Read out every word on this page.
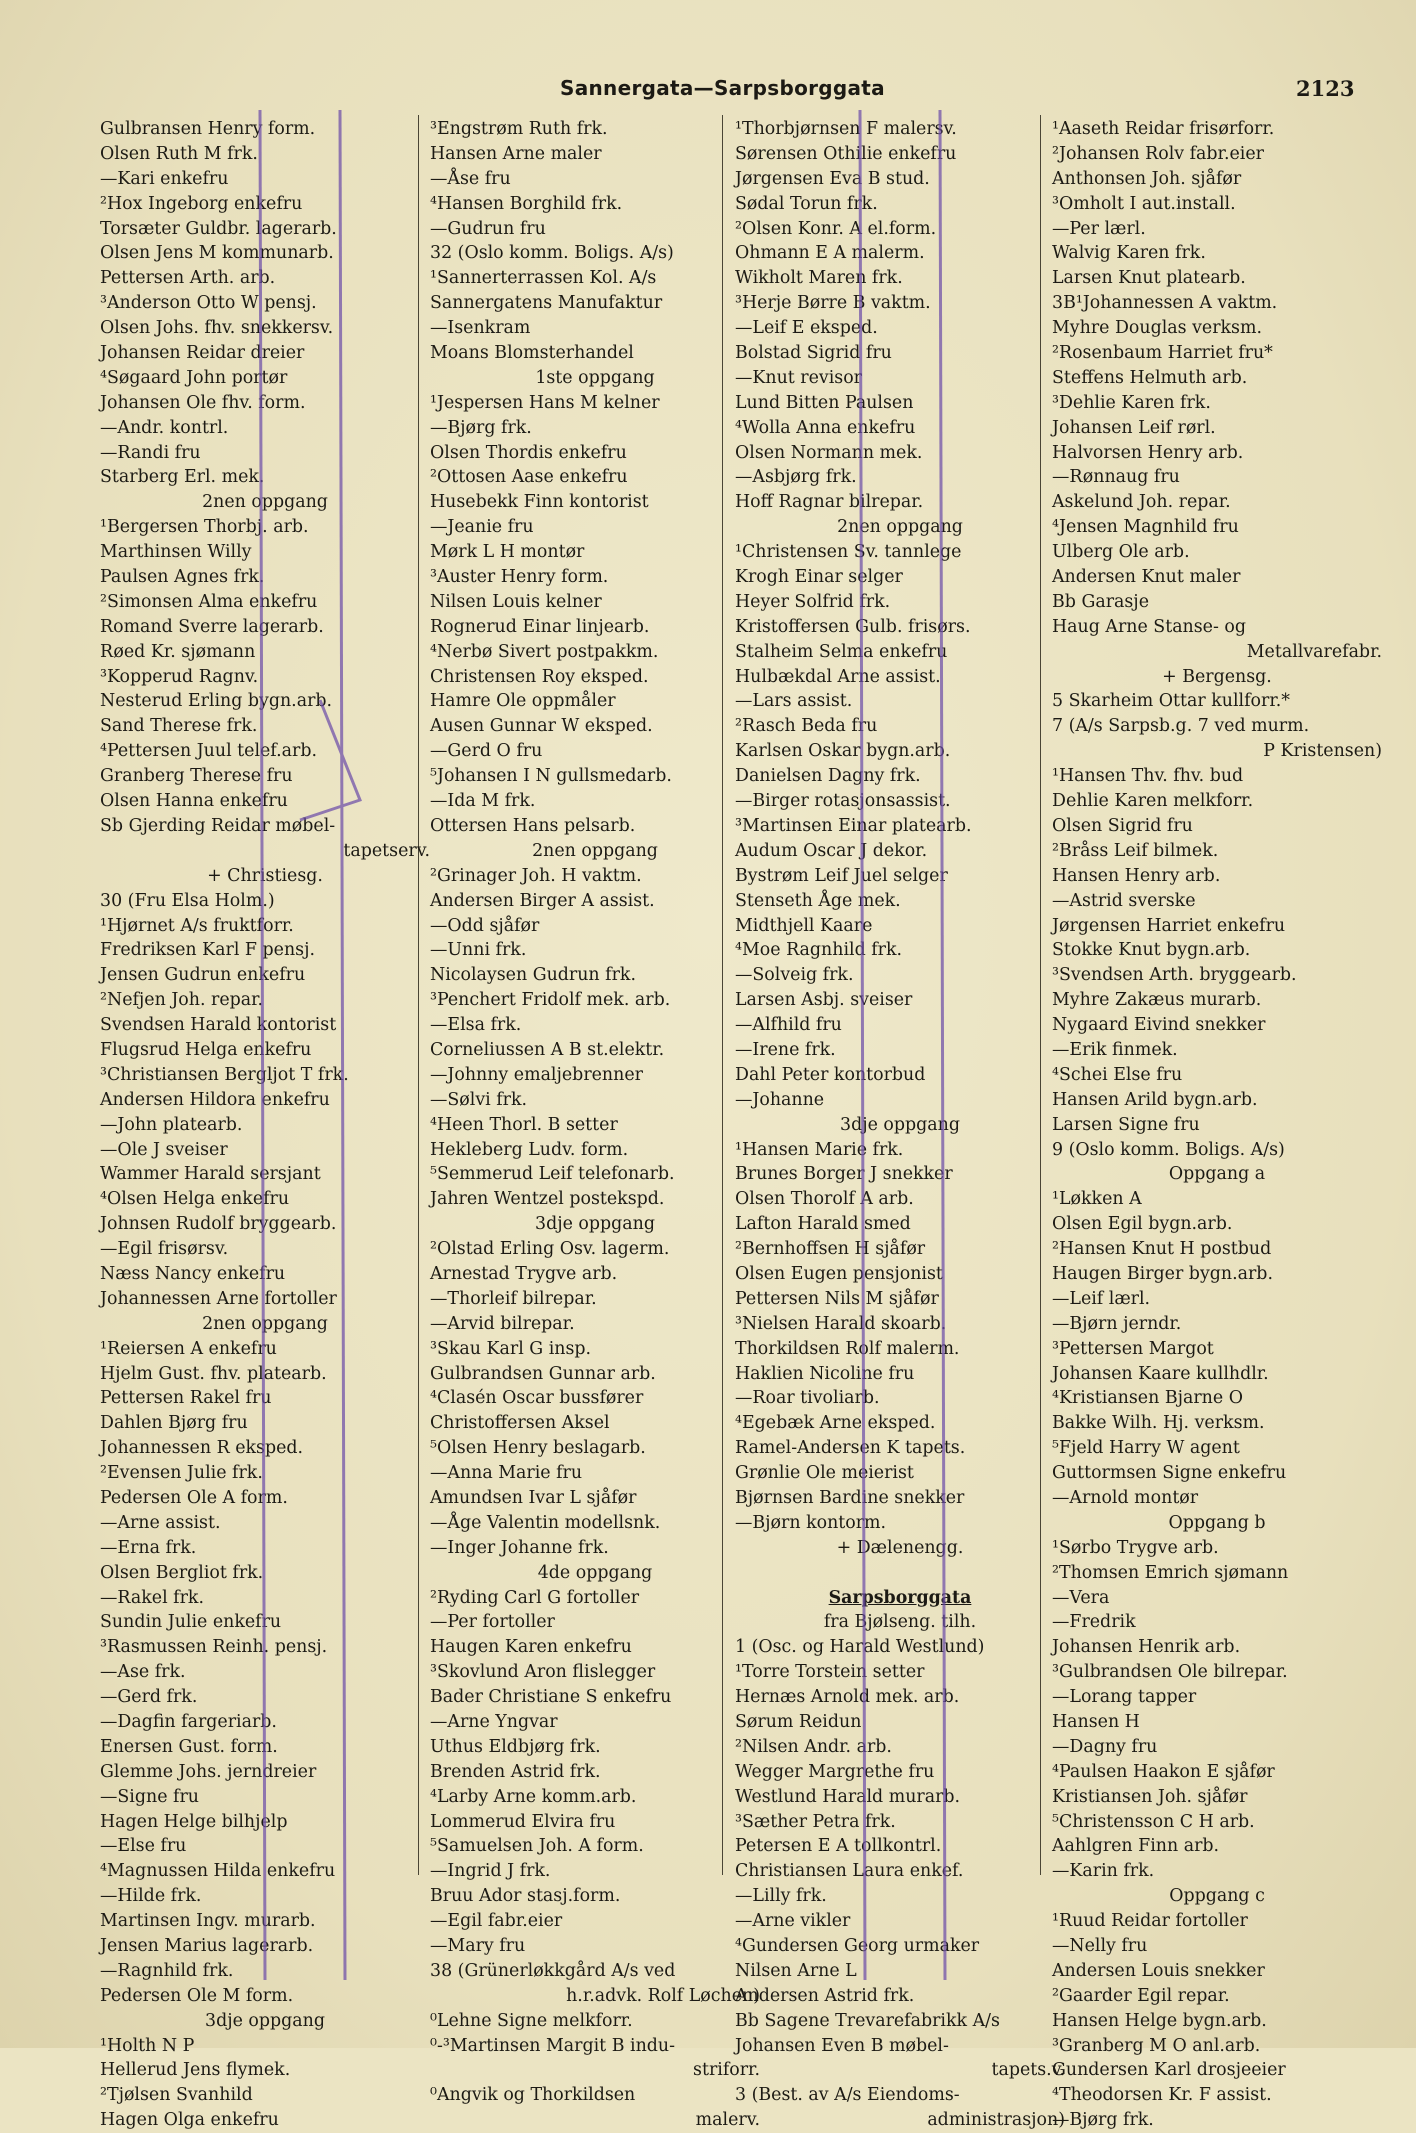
Sannergata—Sarpsborggata	2123
Gulbransen Henry form.
Olsen Ruth M frk.
—Kari enkefru
²Hox Ingeborg enkefru
Torsæter Guldbr. lagerarb.
Olsen Jens M kommunarb.
Pettersen Arth. arb.
³Anderson Otto W pensj.
Olsen Johs. fhv. snekkersv.
Johansen Reidar dreier
⁴Søgaard John portør
Johansen Ole fhv. form.
—Andr. kontrl.
—Randi fru
Starberg Erl. mek.
2nen oppgang
¹Bergersen Thorbj. arb.
Marthinsen Willy
Paulsen Agnes frk.
²Simonsen Alma enkefru
Romand Sverre lagerarb.
Røed Kr. sjømann
³Kopperud Ragnv.
Nesterud Erling bygn.arb.
Sand Therese frk.
⁴Pettersen Juul telef.arb.
Granberg Therese fru
Olsen Hanna enkefru
Sb Gjerding Reidar møbel-
tapetserv.
+ Christiesg.
30 (Fru Elsa Holm.)
¹Hjørnet A/s fruktforr.
Fredriksen Karl F pensj.
Jensen Gudrun enkefru
²Nefjen Joh. repar.
Svendsen Harald kontorist
Flugsrud Helga enkefru
³Christiansen Bergljot T frk.
Andersen Hildora enkefru
—John platearb.
—Ole J sveiser
Wammer Harald sersjant
⁴Olsen Helga enkefru
Johnsen Rudolf bryggearb.
—Egil frisørsv.
Næss Nancy enkefru
Johannessen Arne fortoller
2nen oppgang
¹Reiersen A enkefru
Hjelm Gust. fhv. platearb.
Pettersen Rakel fru
Dahlen Bjørg fru
Johannessen R eksped.
²Evensen Julie frk.
Pedersen Ole A form.
—Arne assist.
—Erna frk.
Olsen Bergliot frk.
—Rakel frk.
Sundin Julie enkefru
³Rasmussen Reinh. pensj.
—Ase frk.
—Gerd frk.
—Dagfin fargeriarb.
Enersen Gust. form.
Glemme Johs. jerndreier
—Signe fru
Hagen Helge bilhjelp
—Else fru
⁴Magnussen Hilda enkefru
—Hilde frk.
Martinsen Ingv. murarb.
Jensen Marius lagerarb.
—Ragnhild frk.
Pedersen Ole M form.
3dje oppgang
¹Holth N P
Hellerud Jens flymek.
²Tjølsen Svanhild
Hagen Olga enkefru
³Engstrøm Ruth frk.
Hansen Arne maler
—Åse fru
⁴Hansen Borghild frk.
—Gudrun fru
32 (Oslo komm. Boligs. A/s)
¹Sannerterrassen Kol. A/s
Sannergatens Manufaktur
—Isenkram
Moans Blomsterhandel
1ste oppgang
¹Jespersen Hans M kelner
—Bjørg frk.
Olsen Thordis enkefru
²Ottosen Aase enkefru
Husebekk Finn kontorist
—Jeanie fru
Mørk L H montør
³Auster Henry form.
Nilsen Louis kelner
Rognerud Einar linjearb.
⁴Nerbø Sivert postpakkm.
Christensen Roy eksped.
Hamre Ole oppmåler
Ausen Gunnar W eksped.
—Gerd O fru
⁵Johansen I N gullsmedarb.
—Ida M frk.
Ottersen Hans pelsarb.
2nen oppgang
²Grinager Joh. H vaktm.
Andersen Birger A assist.
—Odd sjåfør
—Unni frk.
Nicolaysen Gudrun frk.
³Penchert Fridolf mek. arb.
—Elsa frk.
Corneliussen A B st.elektr.
—Johnny emaljebrenner
—Sølvi frk.
⁴Heen Thorl. B setter
Hekleberg Ludv. form.
⁵Semmerud Leif telefonarb.
Jahren Wentzel postekspd.
3dje oppgang
²Olstad Erling Osv. lagerm.
Arnestad Trygve arb.
—Thorleif bilrepar.
—Arvid bilrepar.
³Skau Karl G insp.
Gulbrandsen Gunnar arb.
⁴Clasén Oscar bussfører
Christoffersen Aksel
⁵Olsen Henry beslagarb.
—Anna Marie fru
Amundsen Ivar L sjåfør
—Åge Valentin modellsnk.
—Inger Johanne frk.
4de oppgang
²Ryding Carl G fortoller
—Per fortoller
Haugen Karen enkefru
³Skovlund Aron flislegger
Bader Christiane S enkefru
—Arne Yngvar
Uthus Eldbjørg frk.
Brenden Astrid frk.
⁴Larby Arne komm.arb.
Lommerud Elvira fru
⁵Samuelsen Joh. A form.
—Ingrid J frk.
Bruu Ador stasj.form.
—Egil fabr.eier
—Mary fru
38 (Grünerløkkgård A/s ved
h.r.advk. Rolf Løchen)
⁰Lehne Signe melkforr.
⁰-³Martinsen Margit B indu-
striforr.
⁰Angvik og Thorkildsen
malerv.
¹Thorbjørnsen F malersv.
Sørensen Othilie enkefru
Jørgensen Eva B stud.
Sødal Torun frk.
²Olsen Konr. A el.form.
Ohmann E A malerm.
Wikholt Maren frk.
³Herje Børre B vaktm.
—Leif E eksped.
Bolstad Sigrid fru
—Knut revisor
Lund Bitten Paulsen
⁴Wolla Anna enkefru
Olsen Normann mek.
—Asbjørg frk.
Hoff Ragnar bilrepar.
2nen oppgang
¹Christensen Sv. tannlege
Krogh Einar selger
Heyer Solfrid frk.
Kristoffersen Gulb. frisørs.
Stalheim Selma enkefru
Hulbækdal Arne assist.
—Lars assist.
²Rasch Beda fru
Karlsen Oskar bygn.arb.
Danielsen Dagny frk.
—Birger rotasjonsassist.
³Martinsen Einar platearb.
Audum Oscar J dekor.
Bystrøm Leif Juel selger
Stenseth Åge mek.
Midthjell Kaare
⁴Moe Ragnhild frk.
—Solveig frk.
Larsen Asbj. sveiser
—Alfhild fru
—Irene frk.
Dahl Peter kontorbud
—Johanne
3dje oppgang
¹Hansen Marie frk.
Brunes Borger J snekker
Olsen Thorolf A arb.
Lafton Harald smed
²Bernhoffsen H sjåfør
Olsen Eugen pensjonist
Pettersen Nils M sjåfør
³Nielsen Harald skoarb.
Thorkildsen Rolf malerm.
Haklien Nicoline fru
—Roar tivoliarb.
⁴Egebæk Arne eksped.
Ramel-Andersen K tapets.
Grønlie Ole meierist
Bjørnsen Bardine snekker
—Bjørn kontorm.
+ Dælenengg.
Sarpsborggata
fra Bjølseng. tilh.
1 (Osc. og Harald Westlund)
¹Torre Torstein setter
Hernæs Arnold mek. arb.
Sørum Reidun
²Nilsen Andr. arb.
Wegger Margrethe fru
Westlund Harald murarb.
³Sæther Petra frk.
Petersen E A tollkontrl.
Christiansen Laura enkef.
—Lilly frk.
—Arne vikler
⁴Gundersen Georg urmaker
Nilsen Arne L
Andersen Astrid frk.
Bb Sagene Trevarefabrikk A/s
Johansen Even B møbel-
tapets.v.
3 (Best. av A/s Eiendoms-
administrasjon)
¹Aaseth Reidar frisørforr.
²Johansen Rolv fabr.eier
Anthonsen Joh. sjåfør
³Omholt I aut.install.
—Per lærl.
Walvig Karen frk.
Larsen Knut platearb.
3B¹Johannessen A vaktm.
Myhre Douglas verksm.
²Rosenbaum Harriet fru*
Steffens Helmuth arb.
³Dehlie Karen frk.
Johansen Leif rørl.
Halvorsen Henry arb.
—Rønnaug fru
Askelund Joh. repar.
⁴Jensen Magnhild fru
Ulberg Ole arb.
Andersen Knut maler
Bb Garasje
Haug Arne Stanse- og
Metallvarefabr.
+ Bergensg.
5 Skarheim Ottar kullforr.*
7 (A/s Sarpsb.g. 7 ved murm.
P Kristensen)
¹Hansen Thv. fhv. bud
Dehlie Karen melkforr.
Olsen Sigrid fru
²Bråss Leif bilmek.
Hansen Henry arb.
—Astrid sverske
Jørgensen Harriet enkefru
Stokke Knut bygn.arb.
³Svendsen Arth. bryggearb.
Myhre Zakæus murarb.
Nygaard Eivind snekker
—Erik finmek.
⁴Schei Else fru
Hansen Arild bygn.arb.
Larsen Signe fru
9 (Oslo komm. Boligs. A/s)
Oppgang a
¹Løkken A
Olsen Egil bygn.arb.
²Hansen Knut H postbud
Haugen Birger bygn.arb.
—Leif lærl.
—Bjørn jerndr.
³Pettersen Margot
Johansen Kaare kullhdlr.
⁴Kristiansen Bjarne O
Bakke Wilh. Hj. verksm.
⁵Fjeld Harry W agent
Guttormsen Signe enkefru
—Arnold montør
Oppgang b
¹Sørbo Trygve arb.
²Thomsen Emrich sjømann
—Vera
—Fredrik
Johansen Henrik arb.
³Gulbrandsen Ole bilrepar.
—Lorang tapper
Hansen H
—Dagny fru
⁴Paulsen Haakon E sjåfør
Kristiansen Joh. sjåfør
⁵Christensson C H arb.
Aahlgren Finn arb.
—Karin frk.
Oppgang c
¹Ruud Reidar fortoller
—Nelly fru
Andersen Louis snekker
²Gaarder Egil repar.
Hansen Helge bygn.arb.
³Granberg M O anl.arb.
Gundersen Karl drosjeeier
⁴Theodorsen Kr. F assist.
—Bjørg frk.
